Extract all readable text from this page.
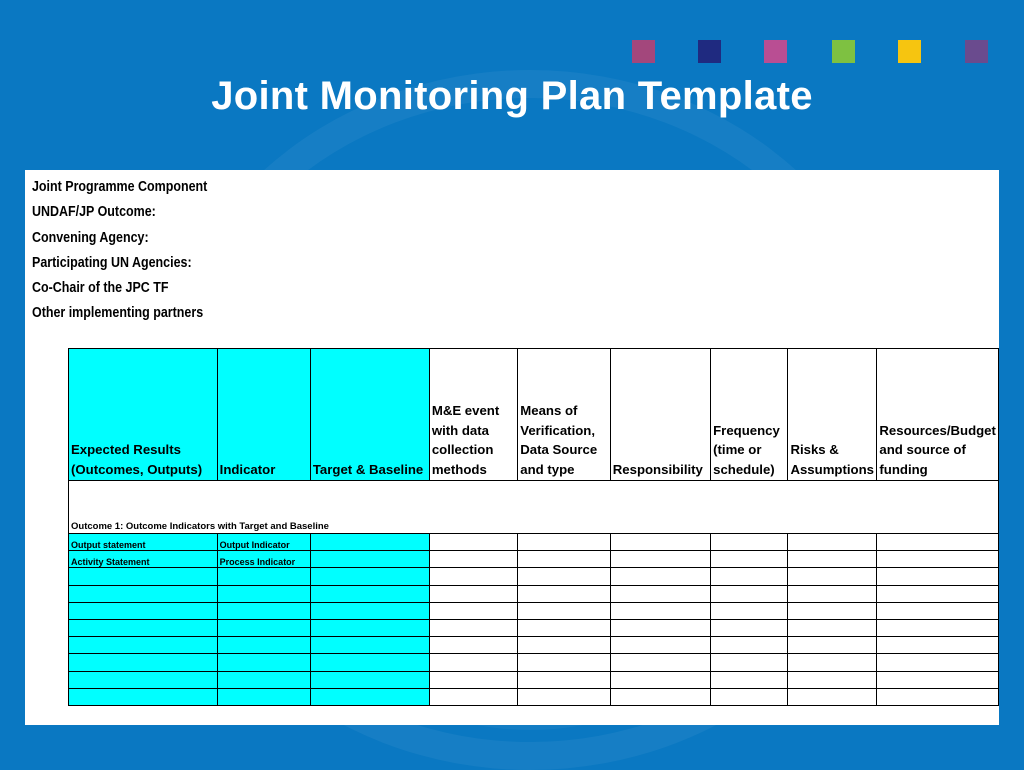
Joint Monitoring Plan Template
Joint Programme Component
UNDAF/JP Outcome:
Convening Agency:
Participating UN Agencies:
Co-Chair of the JPC TF
Other implementing partners
Expected Results (Outcomes, Outputs)	Indicator	Target & Baseline	M&E event with data collection methods	Means of Verification, Data Source and type	Responsibility	Frequency (time or schedule)	Risks & Assumptions	Resources/Budget and source of funding
Outcome 1: Outcome Indicators with Target and Baseline								
Output statement	Output Indicator							
Activity Statement	Process Indicator							
